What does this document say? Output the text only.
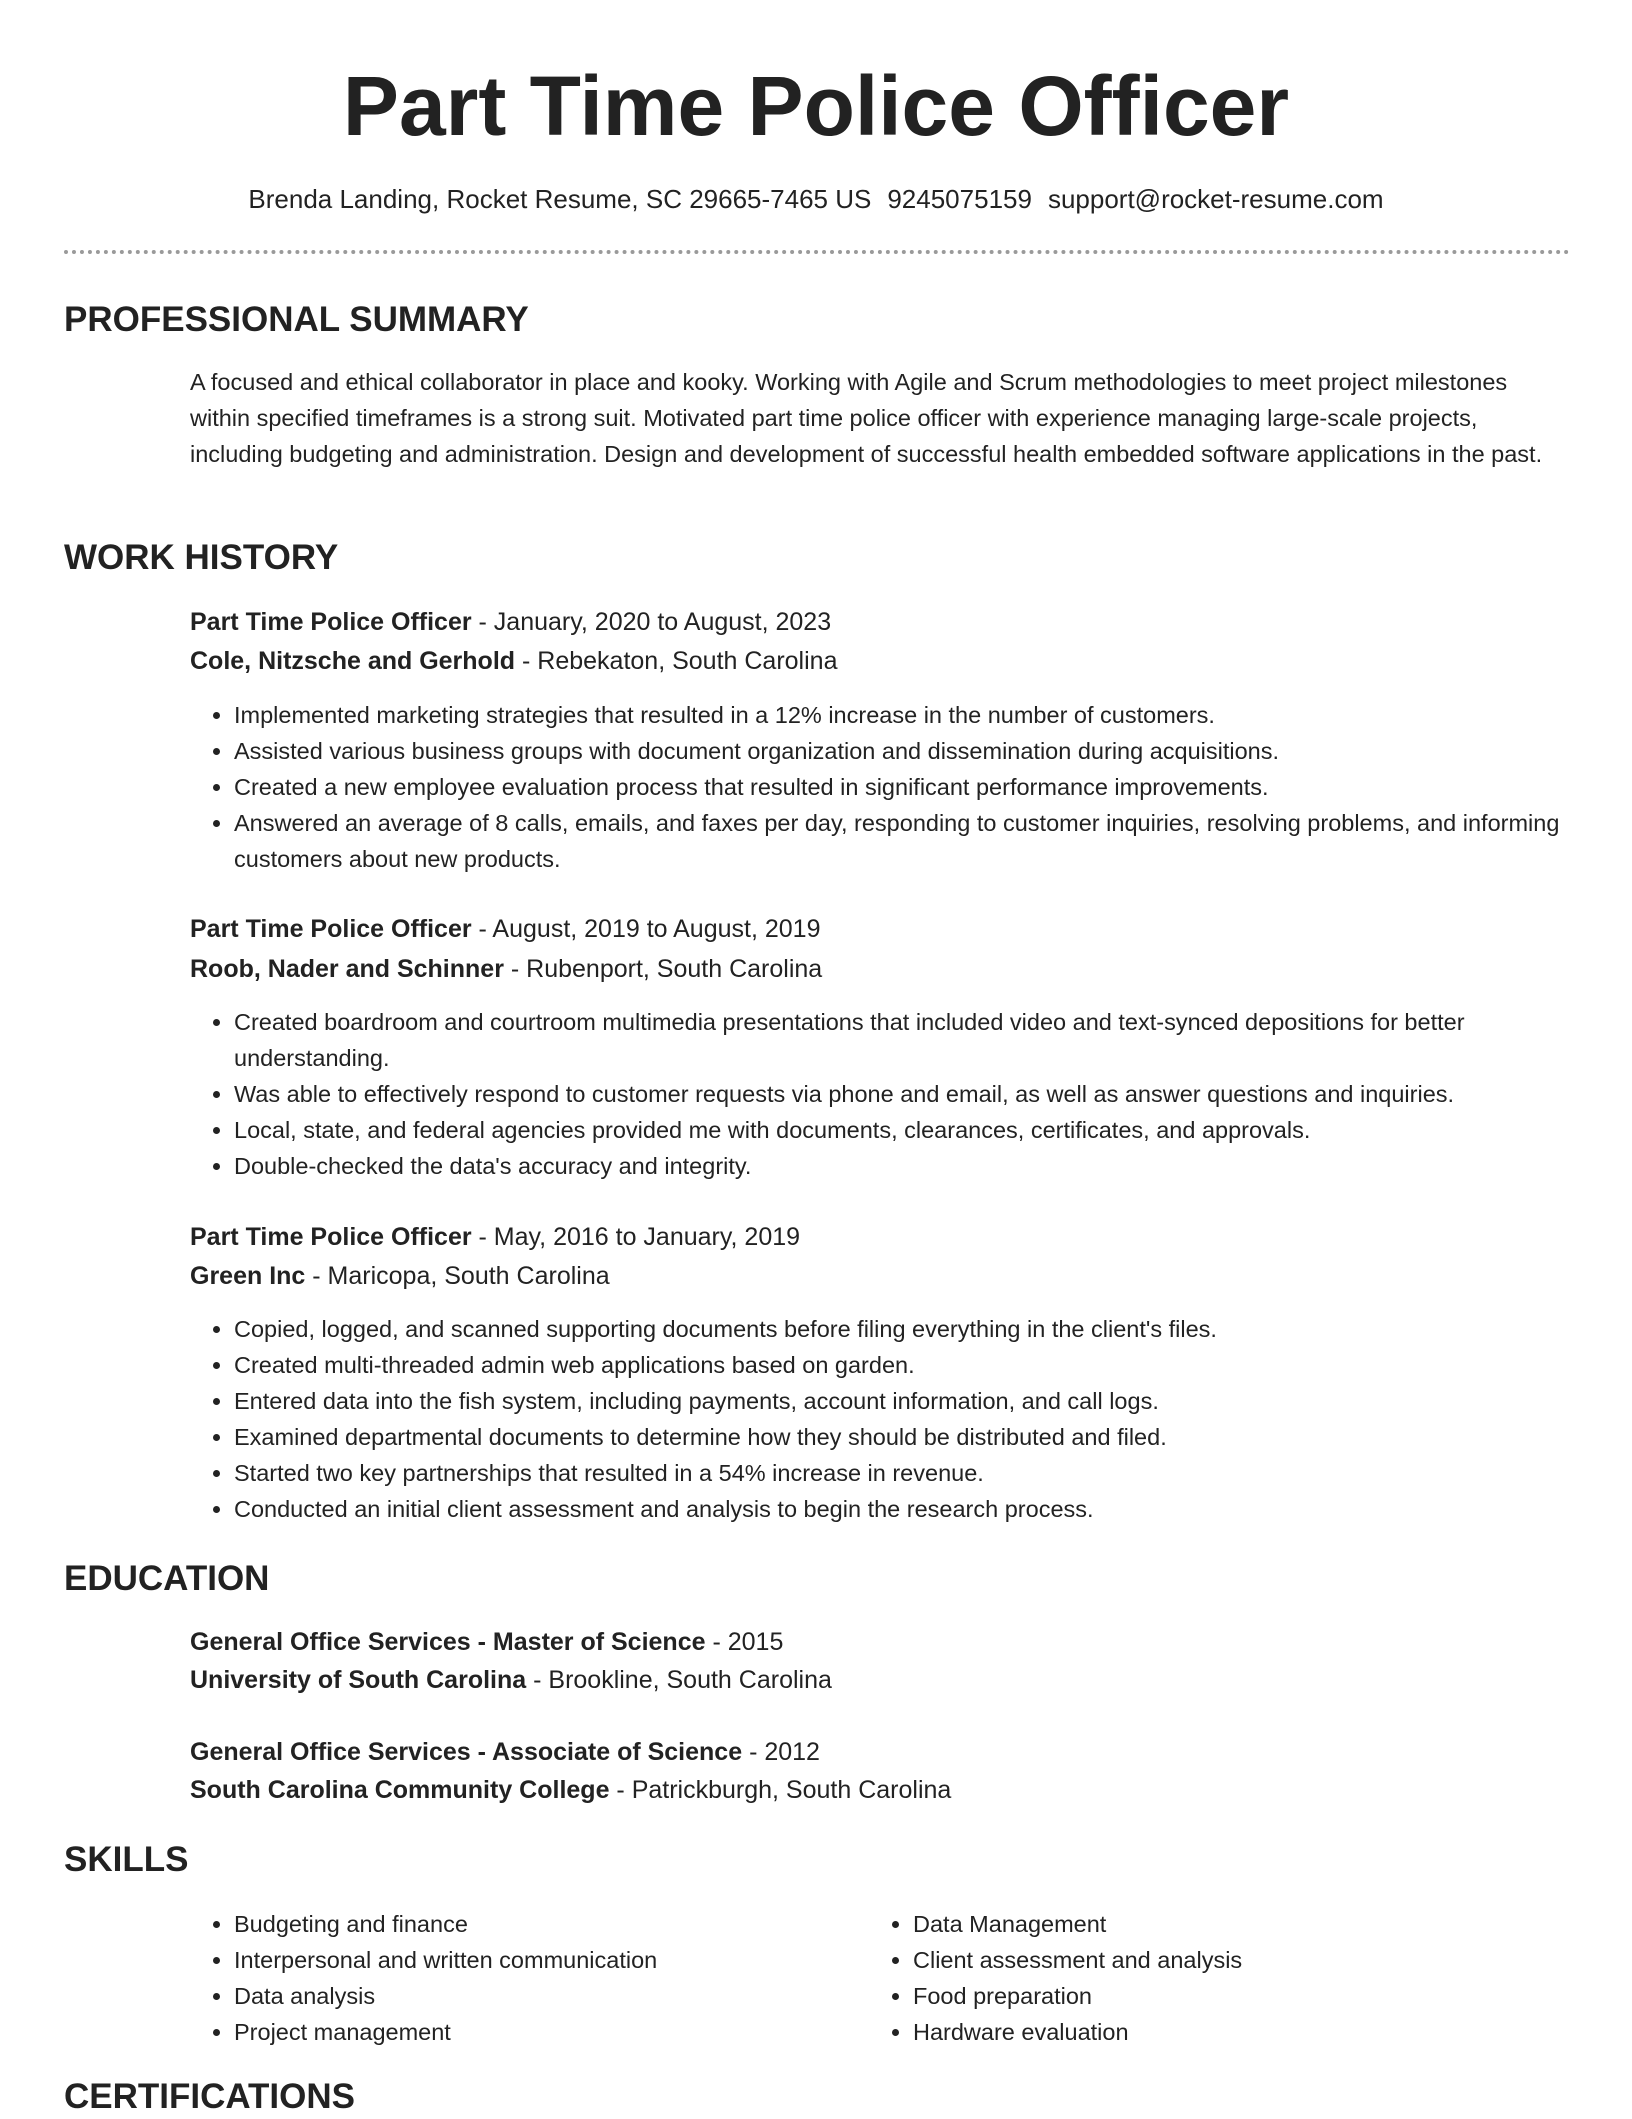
Part Time Police Officer
Brenda Landing, Rocket Resume, SC 29665-7465 US 9245075159 support@rocket-resume.com
PROFESSIONAL SUMMARY

A focused and ethical collaborator in place and kooky. Working with Agile and Scrum methodologies to meet project milestones within specified timeframes is a strong suit. Motivated part time police officer with experience managing large-scale projects, including budgeting and administration. Design and development of successful health embedded software applications in the past.

WORK HISTORY
Part Time Police Officer - January, 2020 to August, 2023
Cole, Nitzsche and Gerhold - Rebekaton, South Carolina
• Implemented marketing strategies that resulted in a 12% increase in the number of customers.
• Assisted various business groups with document organization and dissemination during acquisitions.
• Created a new employee evaluation process that resulted in significant performance improvements.
• Answered an average of 8 calls, emails, and faxes per day, responding to customer inquiries, resolving problems, and informing customers about new products.
Part Time Police Officer - August, 2019 to August, 2019
Roob, Nader and Schinner - Rubenport, South Carolina
• Created boardroom and courtroom multimedia presentations that included video and text-synced depositions for better understanding.
• Was able to effectively respond to customer requests via phone and email, as well as answer questions and inquiries.
• Local, state, and federal agencies provided me with documents, clearances, certificates, and approvals.
• Double-checked the data's accuracy and integrity.
Part Time Police Officer - May, 2016 to January, 2019
Green Inc - Maricopa, South Carolina
• Copied, logged, and scanned supporting documents before filing everything in the client's files.
• Created multi-threaded admin web applications based on garden.
• Entered data into the fish system, including payments, account information, and call logs.
• Examined departmental documents to determine how they should be distributed and filed.
• Started two key partnerships that resulted in a 54% increase in revenue.
• Conducted an initial client assessment and analysis to begin the research process.
EDUCATION
General Office Services - Master of Science - 2015
University of South Carolina - Brookline, South Carolina
General Office Services - Associate of Science - 2012
South Carolina Community College - Patrickburgh, South Carolina
SKILLS
• Budgeting and finance
• Interpersonal and written communication
• Data analysis
• Project management
• Data Management
• Client assessment and analysis
• Food preparation
• Hardware evaluation
CERTIFICATIONS
